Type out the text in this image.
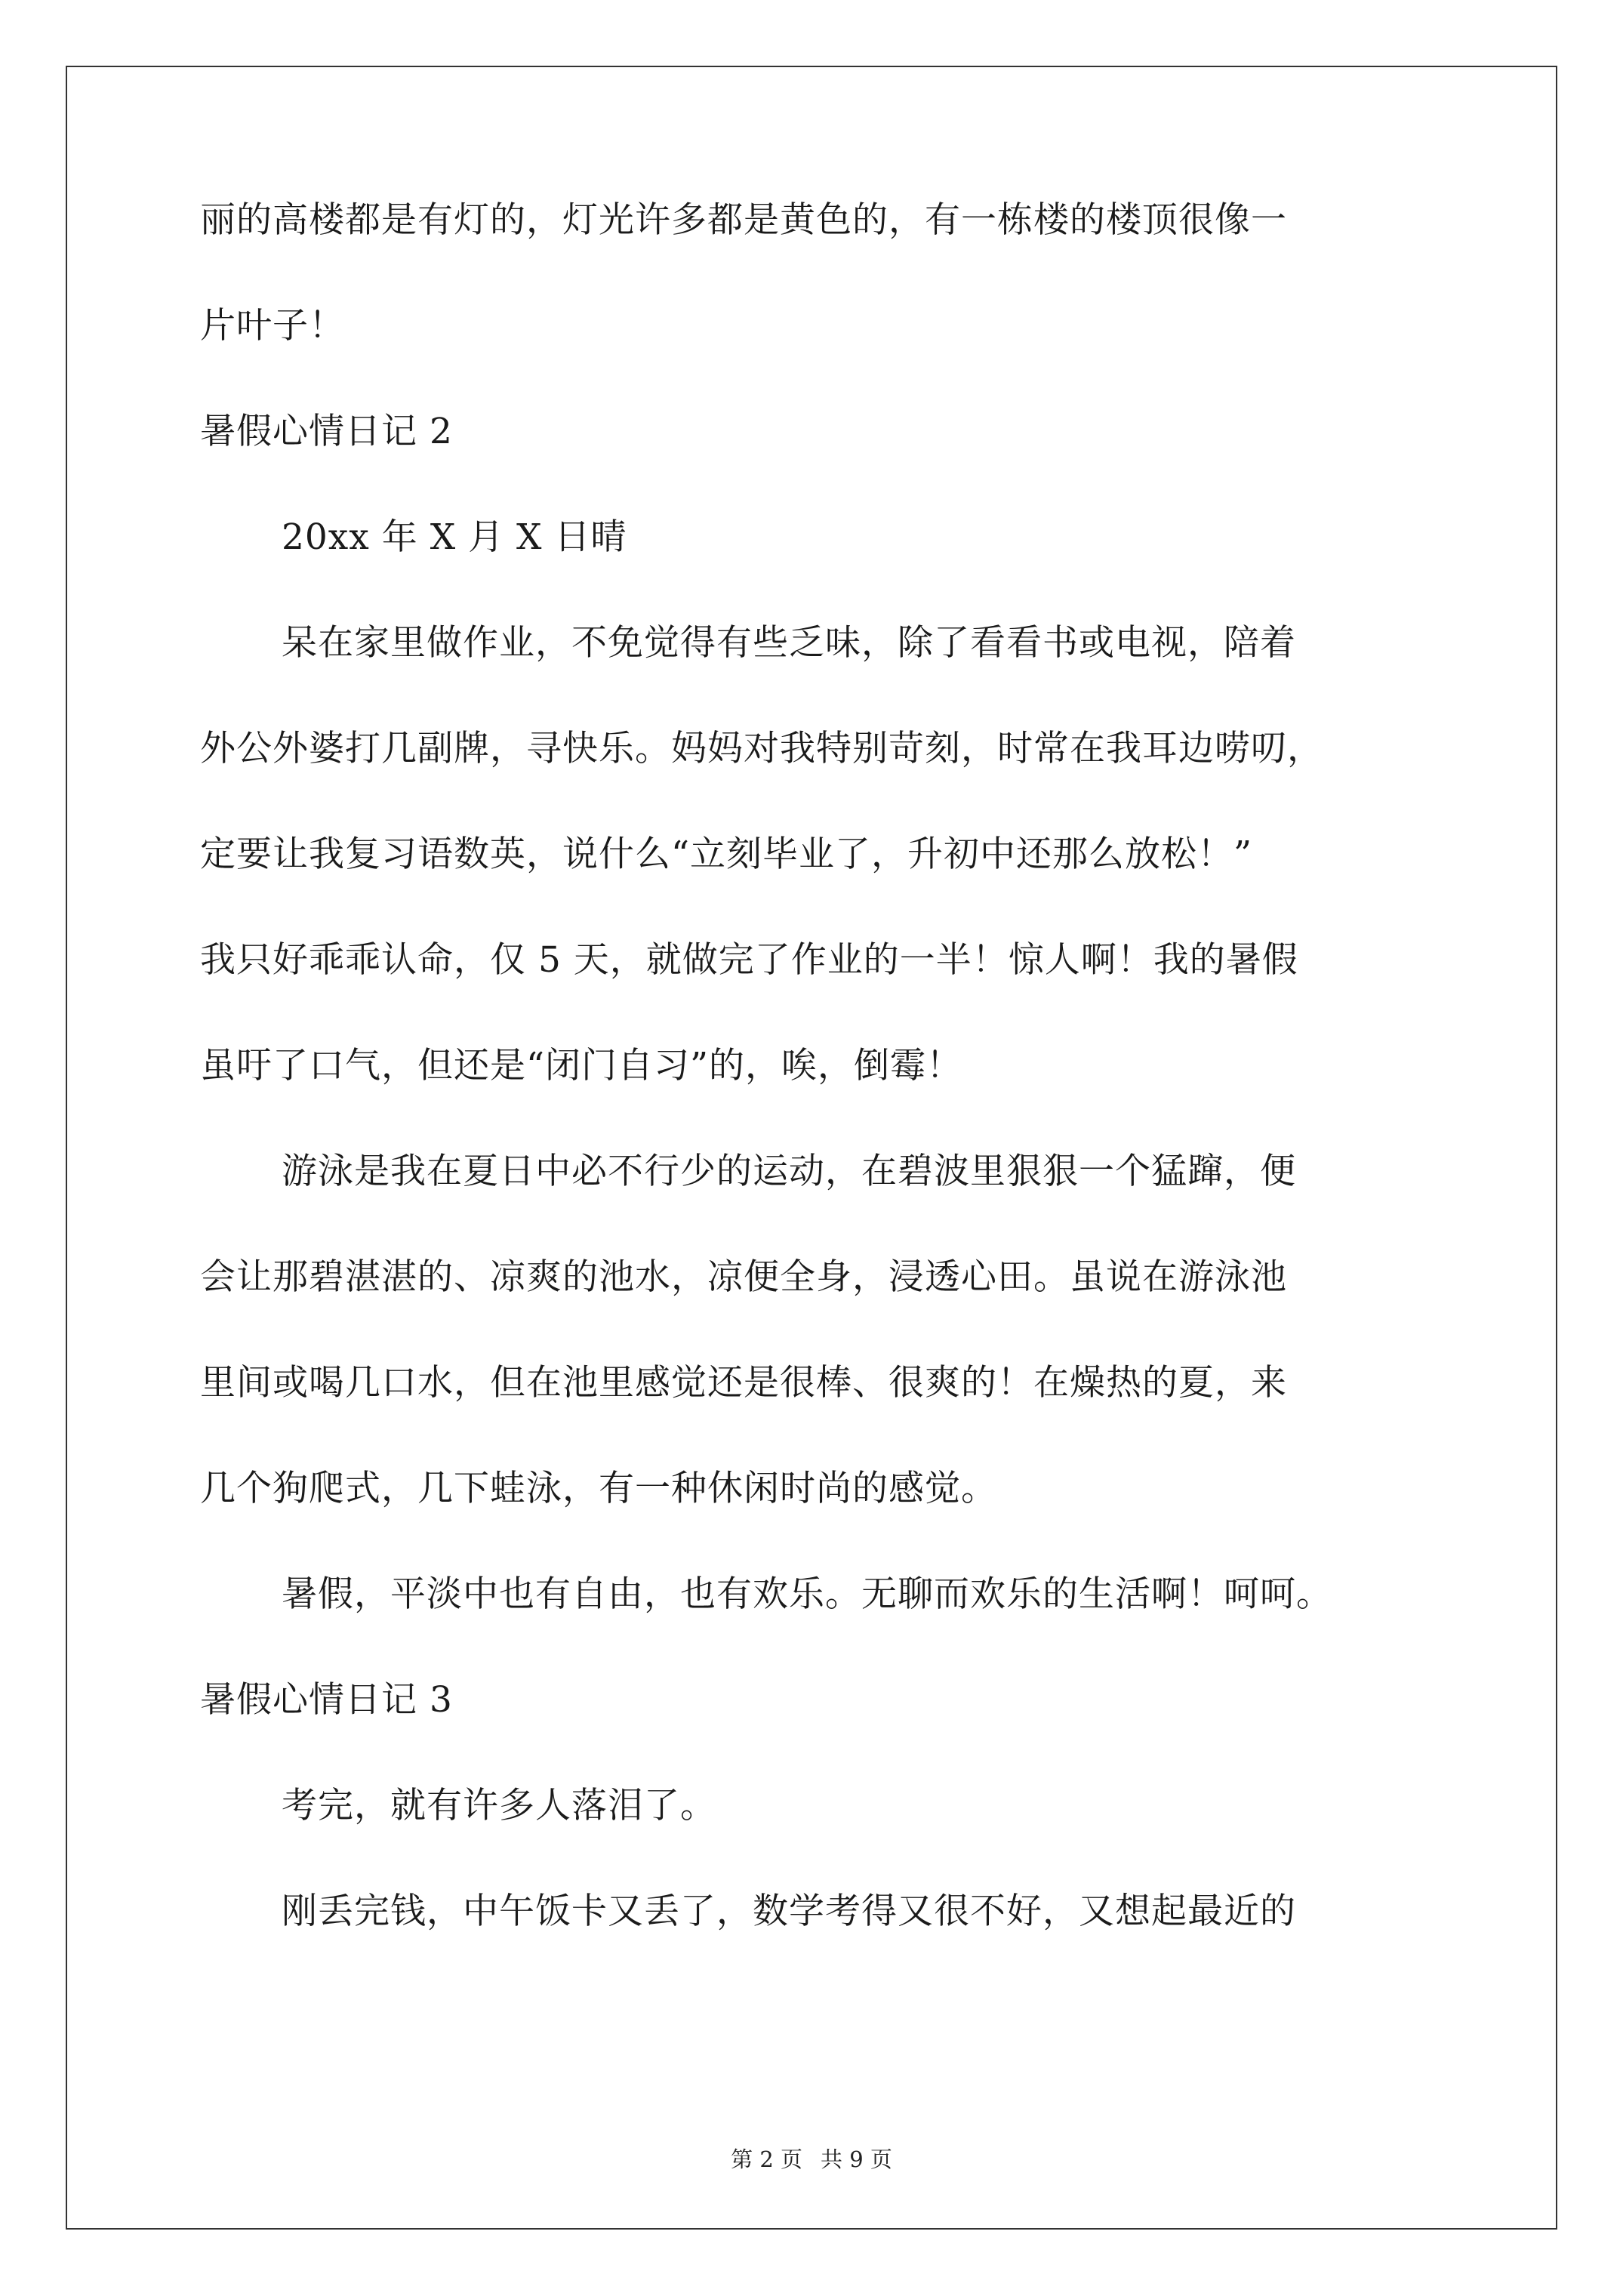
丽的高楼都是有灯的，灯光许多都是黄色的，有一栋楼的楼顶很像一
片叶子！
暑假心情日记 2
20xx 年 X 月 X 日晴
呆在家里做作业，不免觉得有些乏味，除了看看书或电视，陪着
外公外婆打几副牌，寻快乐。妈妈对我特别苛刻，时常在我耳边唠叨，
定要让我复习语数英，说什么“立刻毕业了，升初中还那么放松！”
我只好乖乖认命，仅 5 天，就做完了作业的一半！惊人啊！我的暑假
虽吁了口气，但还是“闭门自习”的，唉，倒霉！
游泳是我在夏日中必不行少的运动，在碧波里狠狠一个猛蹿，便
会让那碧湛湛的、凉爽的池水，凉便全身，浸透心田。虽说在游泳池
里间或喝几口水，但在池里感觉还是很棒、很爽的！在燥热的夏，来
几个狗爬式，几下蛙泳，有一种休闲时尚的感觉。
暑假，平淡中也有自由，也有欢乐。无聊而欢乐的生活啊！呵呵。
暑假心情日记 3
考完，就有许多人落泪了。
刚丢完钱，中午饭卡又丢了，数学考得又很不好，又想起最近的
第 2 页 共 9 页
